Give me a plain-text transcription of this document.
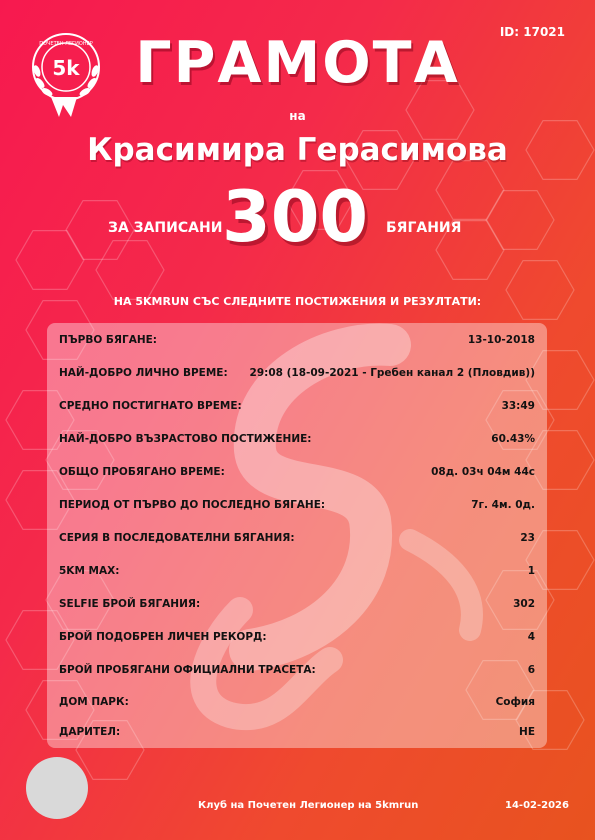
5k
ПОЧЕТЕН ЛЕГИОНЕР
ID: 17021
ГРАМОТА
на
Красимира Герасимова
ЗА ЗАПИСАНИ 300 БЯГАНИЯ
НА 5KMRUN СЪС СЛЕДНИТЕ ПОСТИЖЕНИЯ И РЕЗУЛТАТИ:
ПЪРВО БЯГАНЕ:	13-10-2018
НАЙ-ДОБРО ЛИЧНО ВРЕМЕ: 29:08 (18-09-2021 - Гребен канал 2 (Пловдив))
СРЕДНО ПОСТИГНАТО ВРЕМЕ:	33:49
НАЙ-ДОБРО ВЪЗРАСТОВО ПОСТИЖЕНИЕ:	60.43%
ОБЩО ПРОБЯГАНО ВРЕМЕ:	08д. 03ч 04м 44с
ПЕРИОД ОТ ПЪРВО ДО ПОСЛЕДНО БЯГАНЕ:	7г. 4м. 0д.
СЕРИЯ В ПОСЛЕДОВАТЕЛНИ БЯГАНИЯ:	23
5KM MAX:	1
SELFIE БРОЙ БЯГАНИЯ:	302
БРОЙ ПОДОБРЕН ЛИЧЕН РЕКОРД:	4
БРОЙ ПРОБЯГАНИ ОФИЦИАЛНИ ТРАСЕТА:	6
ДОМ ПАРК:	София
ДАРИТЕЛ:	НЕ
Клуб на Почетен Легионер на 5kmrun	14-02-2026
